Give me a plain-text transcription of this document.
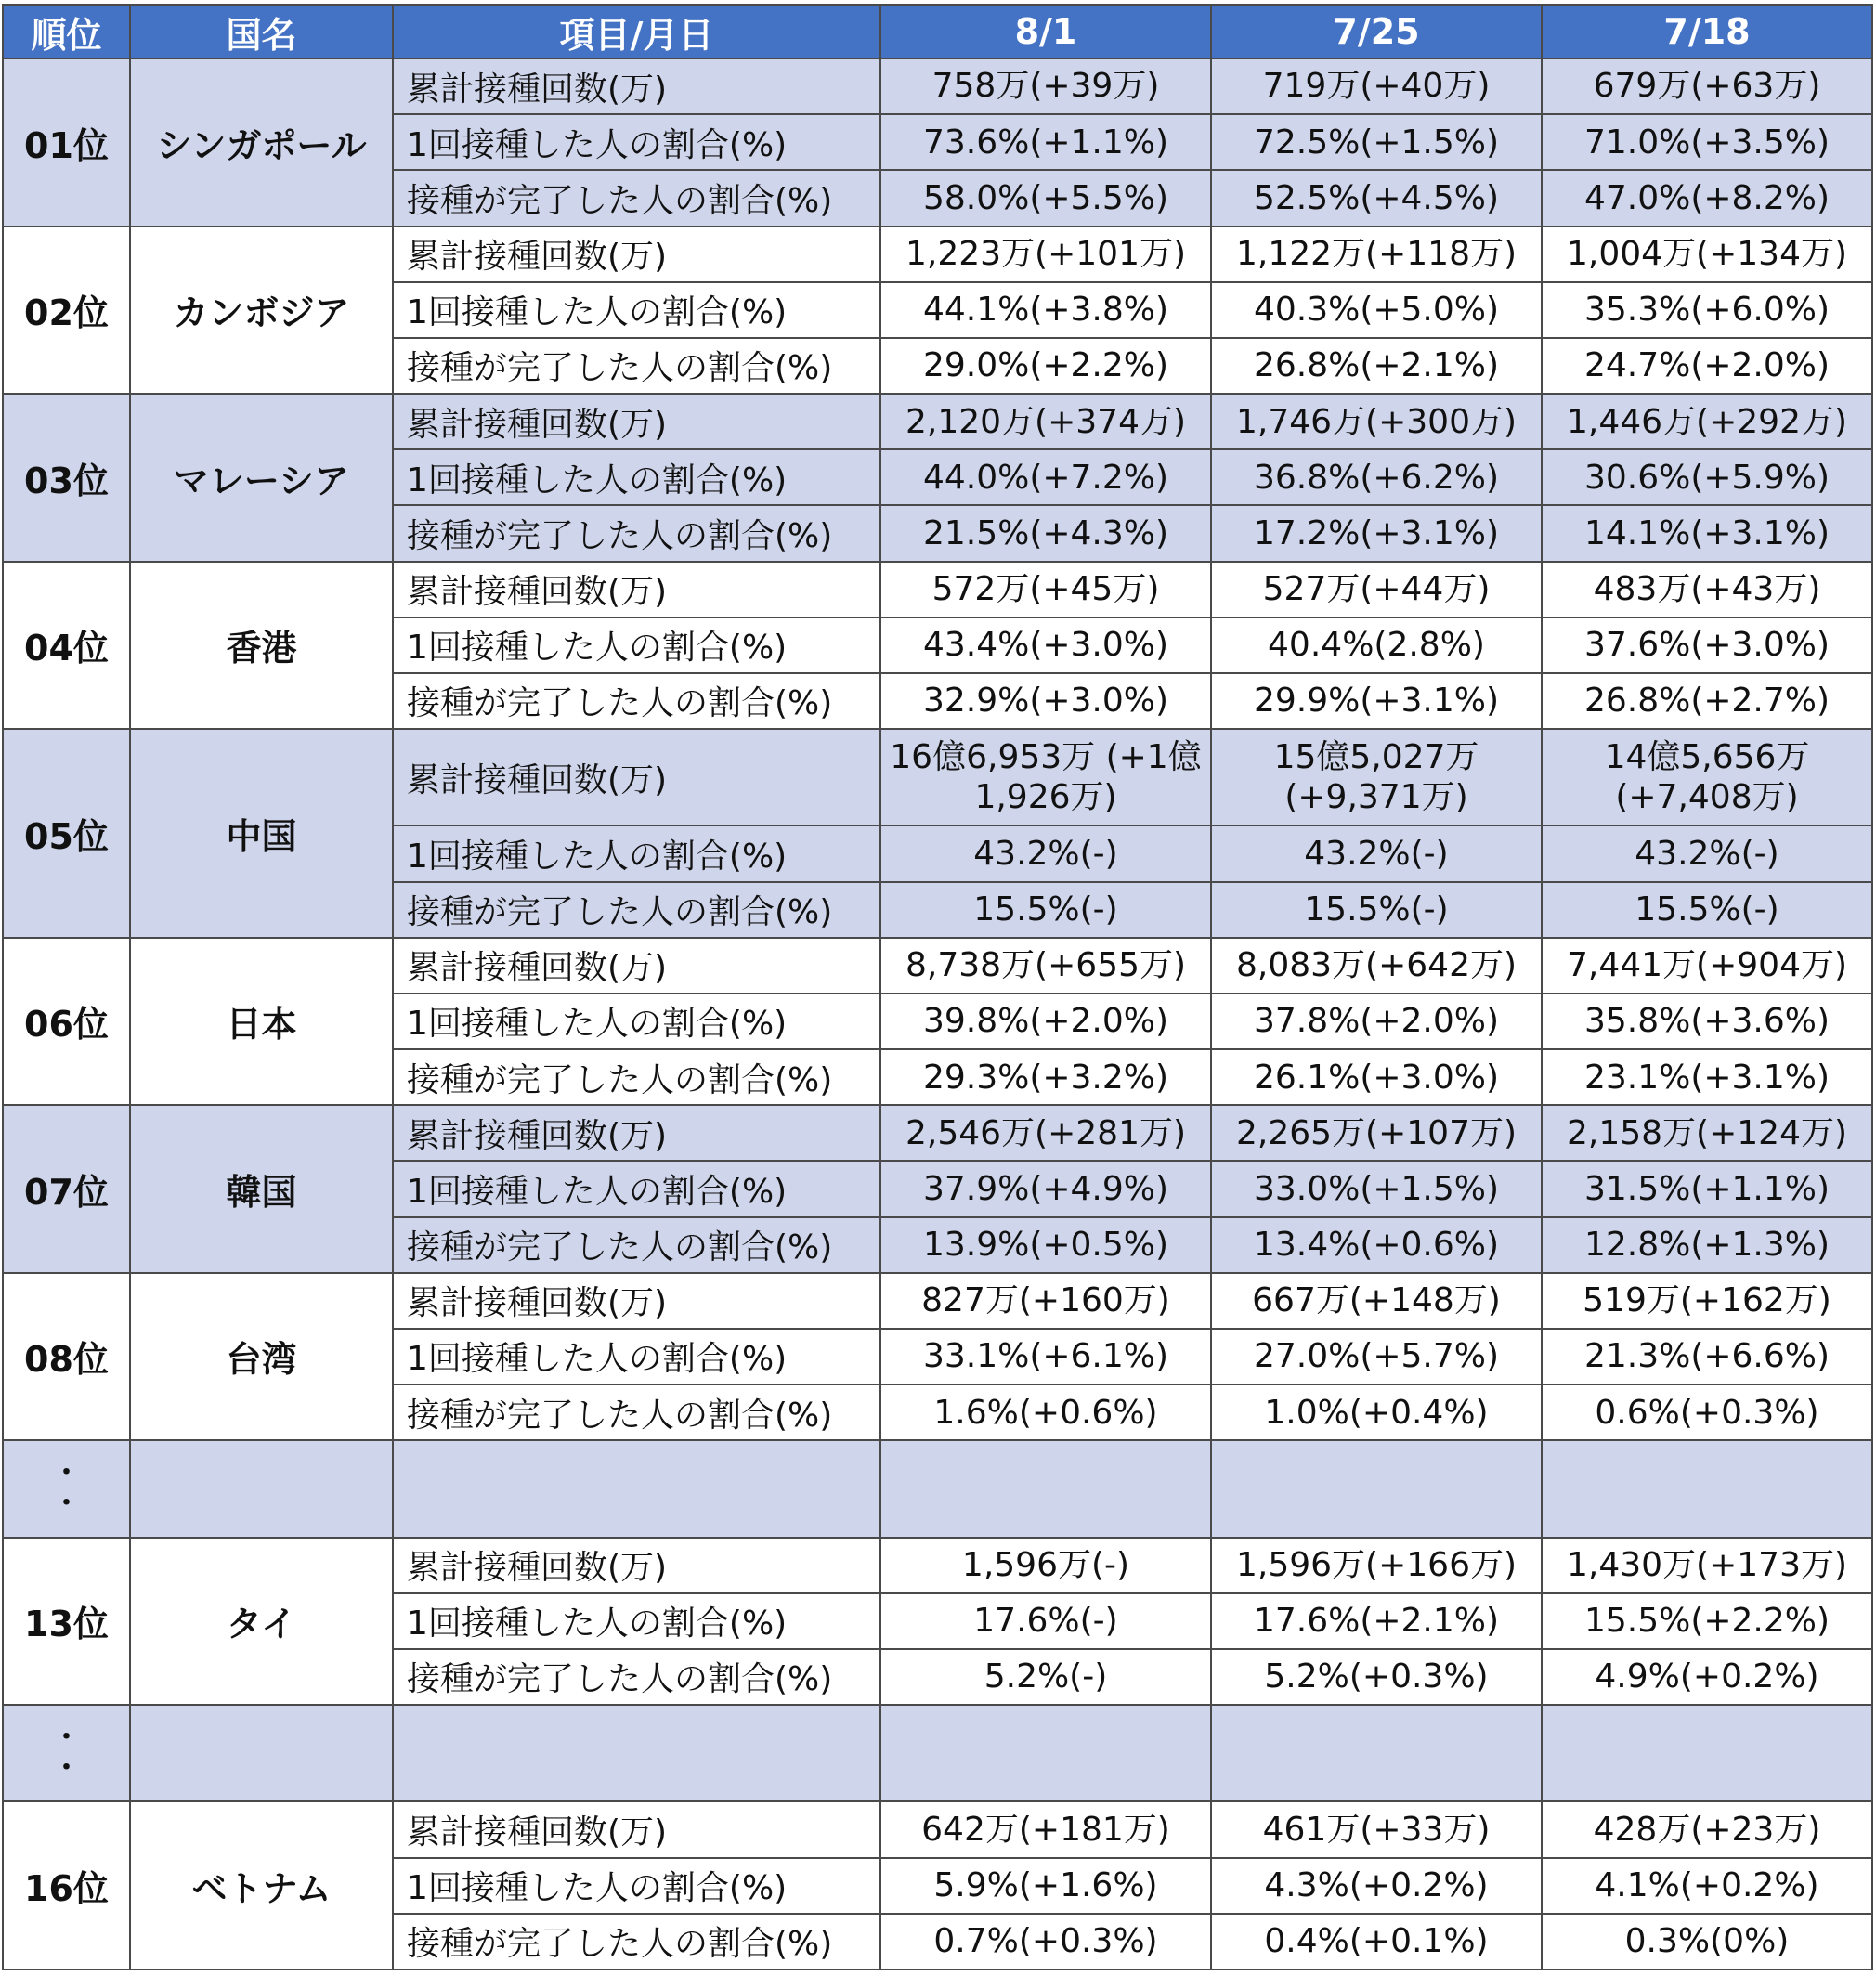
順位	国名	項目/月日	8/1	7/25	7/18
01位	シンガポール	累計接種回数(万)	758万(+39万)	719万(+40万)	679万(+63万)
		1回接種した人の割合(%)	73.6%(+1.1%)	72.5%(+1.5%)	71.0%(+3.5%)
		接種が完了した人の割合(%)	58.0%(+5.5%)	52.5%(+4.5%)	47.0%(+8.2%)
02位	カンボジア	累計接種回数(万)	1,223万(+101万)	1,122万(+118万)	1,004万(+134万)
		1回接種した人の割合(%)	44.1%(+3.8%)	40.3%(+5.0%)	35.3%(+6.0%)
		接種が完了した人の割合(%)	29.0%(+2.2%)	26.8%(+2.1%)	24.7%(+2.0%)
03位	マレーシア	累計接種回数(万)	2,120万(+374万)	1,746万(+300万)	1,446万(+292万)
		1回接種した人の割合(%)	44.0%(+7.2%)	36.8%(+6.2%)	30.6%(+5.9%)
		接種が完了した人の割合(%)	21.5%(+4.3%)	17.2%(+3.1%)	14.1%(+3.1%)
04位	香港	累計接種回数(万)	572万(+45万)	527万(+44万)	483万(+43万)
		1回接種した人の割合(%)	43.4%(+3.0%)	40.4%(2.8%)	37.6%(+3.0%)
		接種が完了した人の割合(%)	32.9%(+3.0%)	29.9%(+3.1%)	26.8%(+2.7%)
05位	中国	累計接種回数(万)	16億6,953万 (+1億1,926万)	15億5,027万 (+9,371万)	14億5,656万 (+7,408万)
		1回接種した人の割合(%)	43.2%(-)	43.2%(-)	43.2%(-)
		接種が完了した人の割合(%)	15.5%(-)	15.5%(-)	15.5%(-)
06位	日本	累計接種回数(万)	8,738万(+655万)	8,083万(+642万)	7,441万(+904万)
		1回接種した人の割合(%)	39.8%(+2.0%)	37.8%(+2.0%)	35.8%(+3.6%)
		接種が完了した人の割合(%)	29.3%(+3.2%)	26.1%(+3.0%)	23.1%(+3.1%)
07位	韓国	累計接種回数(万)	2,546万(+281万)	2,265万(+107万)	2,158万(+124万)
		1回接種した人の割合(%)	37.9%(+4.9%)	33.0%(+1.5%)	31.5%(+1.1%)
		接種が完了した人の割合(%)	13.9%(+0.5%)	13.4%(+0.6%)	12.8%(+1.3%)
08位	台湾	累計接種回数(万)	827万(+160万)	667万(+148万)	519万(+162万)
		1回接種した人の割合(%)	33.1%(+6.1%)	27.0%(+5.7%)	21.3%(+6.6%)
		接種が完了した人の割合(%)	1.6%(+0.6%)	1.0%(+0.4%)	0.6%(+0.3%)
・
・					
13位	タイ	累計接種回数(万)	1,596万(-)	1,596万(+166万)	1,430万(+173万)
		1回接種した人の割合(%)	17.6%(-)	17.6%(+2.1%)	15.5%(+2.2%)
		接種が完了した人の割合(%)	5.2%(-)	5.2%(+0.3%)	4.9%(+0.2%)
・
・					
16位	ベトナム	累計接種回数(万)	642万(+181万)	461万(+33万)	428万(+23万)
		1回接種した人の割合(%)	5.9%(+1.6%)	4.3%(+0.2%)	4.1%(+0.2%)
		接種が完了した人の割合(%)	0.7%(+0.3%)	0.4%(+0.1%)	0.3%(0%)
